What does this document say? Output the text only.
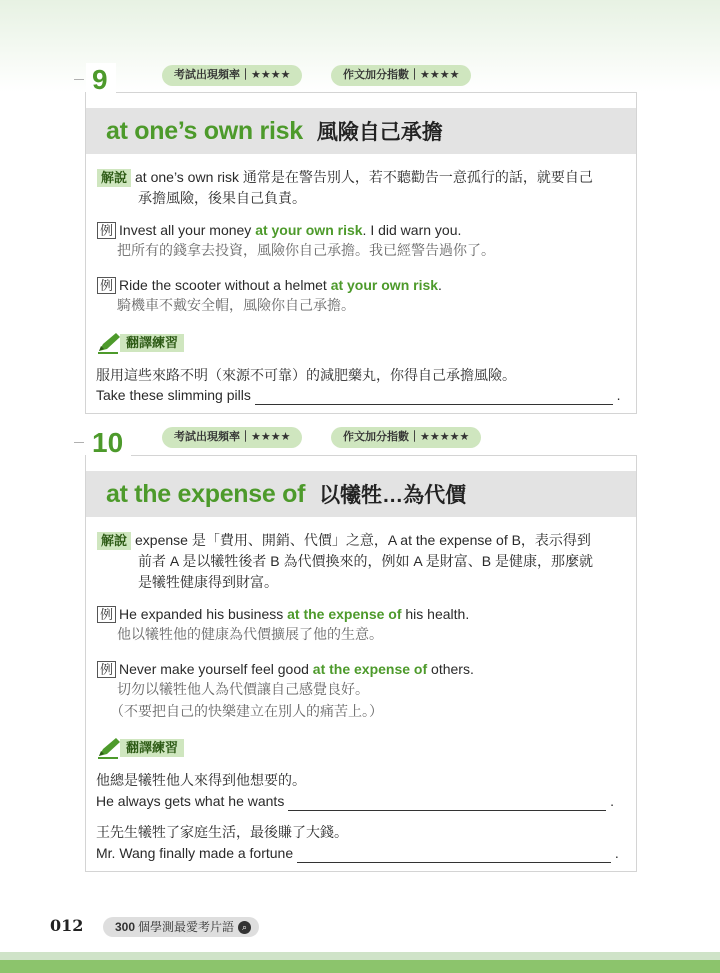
9	考試出現頻率｜★★★★	作文加分指數｜★★★★
at one’s own risk 風險自己承擔
解說 at one’s own risk 通常是在警告別人，若不聽勸告一意孤行的話，就要自己
承擔風險，後果自己負責。
例 Invest all your money at your own risk. I did warn you.
把所有的錢拿去投資，風險你自己承擔。我已經警告過你了。
例 Ride the scooter without a helmet at your own risk.
騎機車不戴安全帽，風險你自己承擔。
翻譯練習
服用這些來路不明（來源不可靠）的減肥藥丸，你得自己承擔風險。
Take these slimming pills	.
10	考試出現頻率｜★★★★	作文加分指數｜★★★★★
at the expense of 以犧牲…為代價
解說 expense 是「費用、開銷、代價」之意，A at the expense of B，表示得到
前者 A 是以犧牲後者 B 為代價換來的，例如 A 是財富、B 是健康，那麼就
是犧牲健康得到財富。
例 He expanded his business at the expense of his health.
他以犧牲他的健康為代價擴展了他的生意。
例 Never make yourself feel good at the expense of others.
切勿以犧牲他人為代價讓自己感覺良好。
（不要把自己的快樂建立在別人的痛苦上。）
翻譯練習
他總是犧牲他人來得到他想要的。
He always gets what he wants	.
王先生犧牲了家庭生活，最後賺了大錢。
Mr. Wang finally made a fortune	.
012	300 個學測最愛考片語 ⌕
